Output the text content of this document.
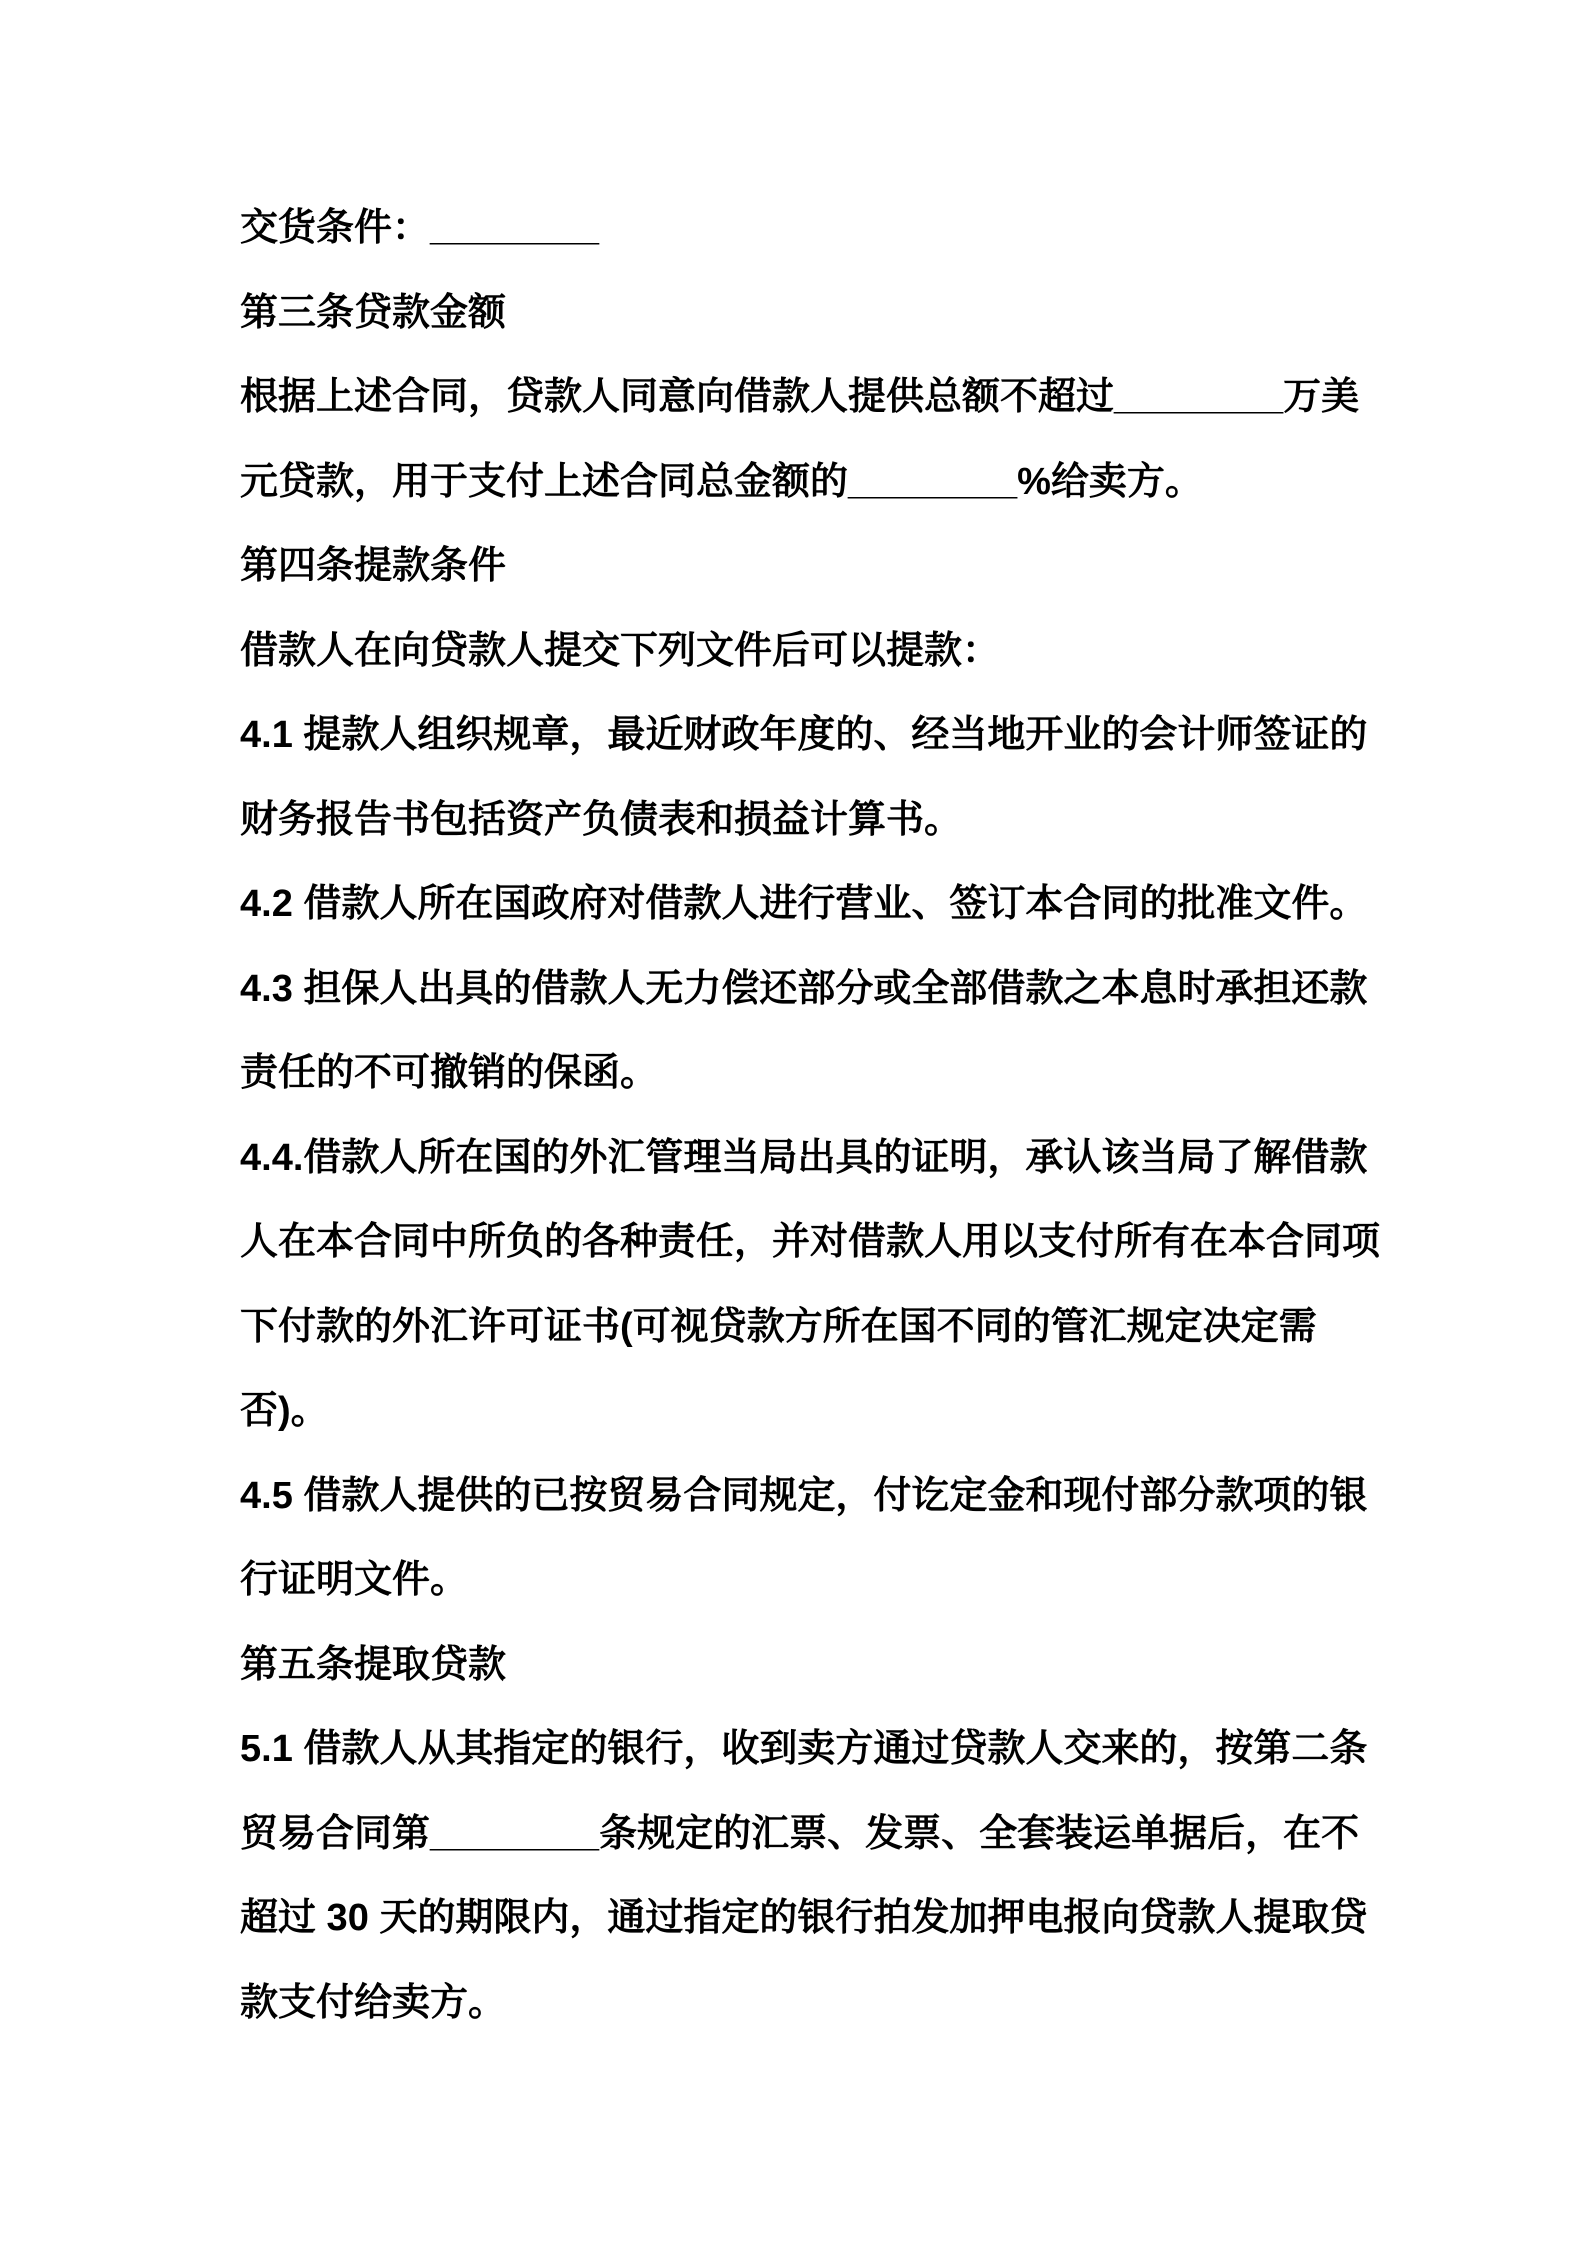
交货条件：________
第三条贷款金额
根据上述合同，贷款人同意向借款人提供总额不超过________万美
元贷款，用于支付上述合同总金额的________%给卖方。
第四条提款条件
借款人在向贷款人提交下列文件后可以提款：
4.1 提款人组织规章，最近财政年度的、经当地开业的会计师签证的
财务报告书包括资产负债表和损益计算书。
4.2 借款人所在国政府对借款人进行营业、签订本合同的批准文件。
4.3 担保人出具的借款人无力偿还部分或全部借款之本息时承担还款
责任的不可撤销的保函。
4.4.借款人所在国的外汇管理当局出具的证明，承认该当局了解借款
人在本合同中所负的各种责任，并对借款人用以支付所有在本合同项
下付款的外汇许可证书(可视贷款方所在国不同的管汇规定决定需
否)。
4.5 借款人提供的已按贸易合同规定，付讫定金和现付部分款项的银
行证明文件。
第五条提取贷款
5.1 借款人从其指定的银行，收到卖方通过贷款人交来的，按第二条
贸易合同第________条规定的汇票、发票、全套装运单据后，在不
超过 30 天的期限内，通过指定的银行拍发加押电报向贷款人提取贷
款支付给卖方。
